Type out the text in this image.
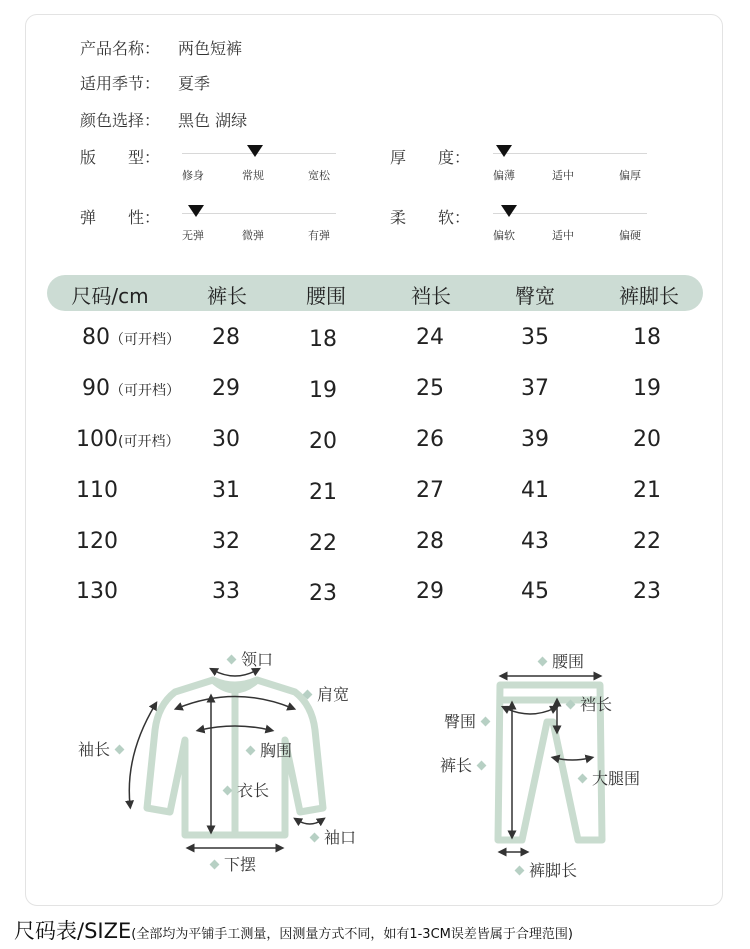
产品名称： 两色短裤
适用季节： 夏季
颜色选择： 黑色 湖绿
版　　型：
修身	常规	宽松
厚　　度：
偏薄	适中	偏厚
弹　　性：
无弹	微弹	有弹
柔　　软：
偏软	适中	偏硬
尺码/cm	裤长	腰围	裆长	臀宽	裤脚长
80（可开档） 28	18	24	35	18
90（可开档） 29	19	25	37	19
100(可开档） 30	20	26	39	20
110	31	21	27	41	21
120	32	22	28	43	22
130	33	23	29	45	23
领口
肩宽
袖长	胸围
衣长
袖口
下摆
腰围
裆长
臀围
裤长
大腿围
裤脚长
尺码表/SIZE(全部均为平铺手工测量，因测量方式不同，如有1-3CM误差皆属于合理范围)
